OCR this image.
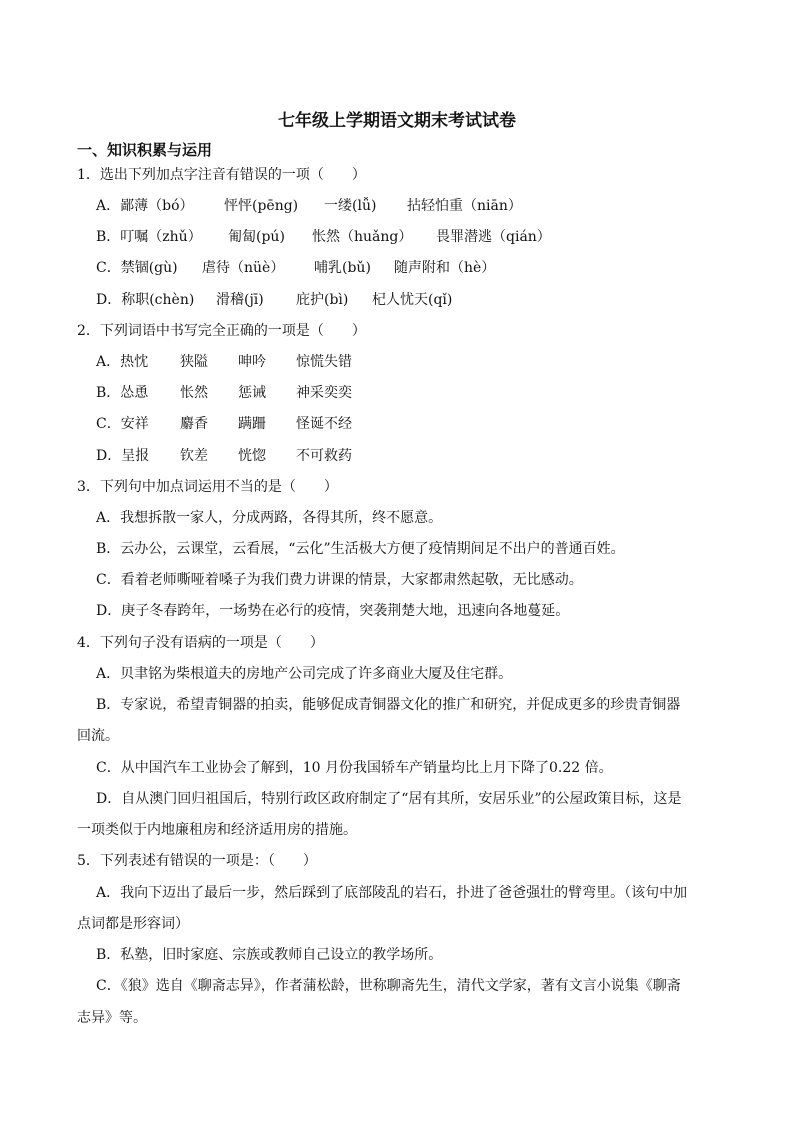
七年级上学期语文期末考试试卷
一、知识积累与运用
1．选出下列加点字注音有错误的一项（　　）
A．鄙薄（bó）	怦怦(pēng)	一缕(lǚ)	拈轻怕重（niān）
B．叮嘱（zhǔ）	匍匐(pú)	怅然（huǎng）	畏罪潜逃（qián）
C．禁锢(gù)	虐待（nüè）	哺乳(bǔ)	随声附和（hè）
D．称职(chèn)	滑稽(jī)	庇护(bì)	杞人忧天(qǐ)
2．下列词语中书写完全正确的一项是（　　）
A．热忱	狭隘	呻吟	惊慌失错
B．怂恿	怅然	惩诫	神采奕奕
C．安祥	麝香	蹒跚	怪诞不经
D．呈报	钦差	恍惚	不可救药
3．下列句中加点词运用不当的是（　　）
A．我想拆散一家人，分成两路，各得其所，终不愿意。
B．云办公，云课堂，云看展，“云化”生活极大方便了疫情期间足不出户的普通百姓。
C．看着老师嘶哑着嗓子为我们费力讲课的情景，大家都肃然起敬，无比感动。
D．庚子冬春跨年，一场势在必行的疫情，突袭荆楚大地，迅速向各地蔓延。
4．下列句子没有语病的一项是（　　）
A．贝聿铭为柴根道夫的房地产公司完成了许多商业大厦及住宅群。
B．专家说，希望青铜器的拍卖，能够促成青铜器文化的推广和研究，并促成更多的珍贵青铜器
回流。
C．从中国汽车工业协会了解到，10 月份我国轿车产销量均比上月下降了0.22 倍。
D．自从澳门回归祖国后，特别行政区政府制定了“居有其所，安居乐业”的公屋政策目标，这是
一项类似于内地廉租房和经济适用房的措施。
5．下列表述有错误的一项是：（　　）
A．我向下迈出了最后一步，然后踩到了底部陵乱的岩石，扑进了爸爸强壮的臂弯里。（该句中加
点词都是形容词）
B．私塾，旧时家庭、宗族或教师自己设立的教学场所。
C．《狼》选自《聊斋志异》，作者蒲松龄，世称聊斋先生，清代文学家，著有文言小说集《聊斋
志异》等。
